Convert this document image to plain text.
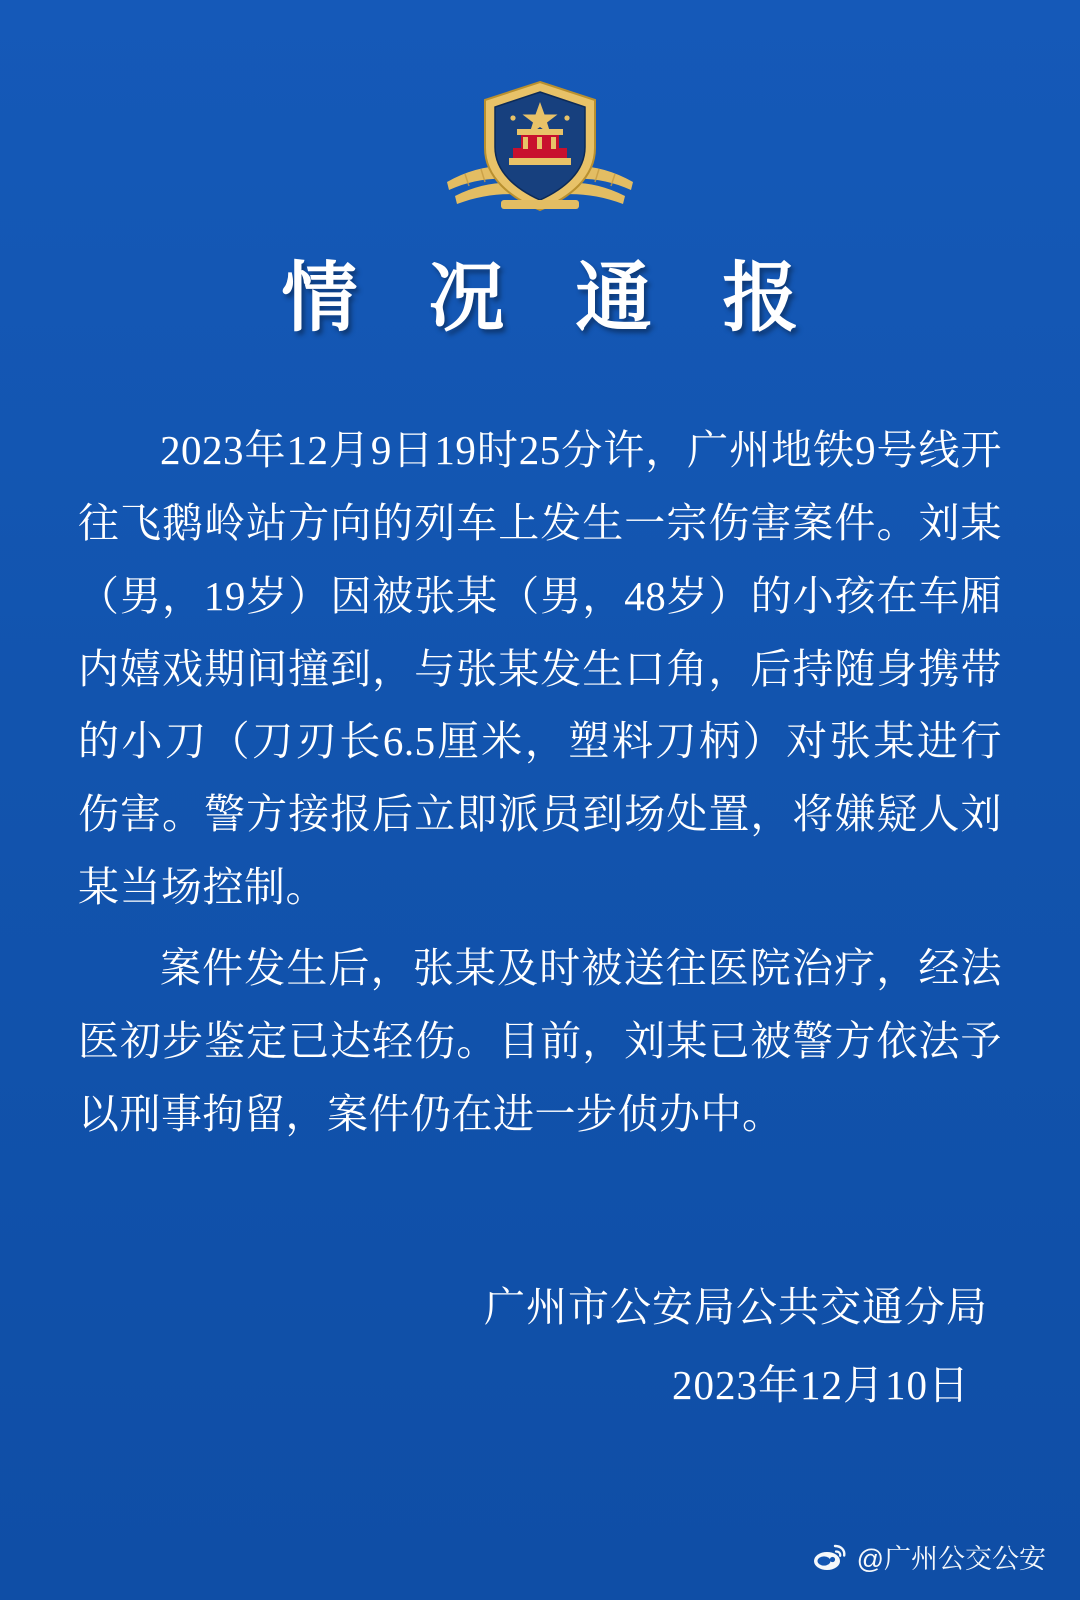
情 况 通 报

2023年12月9日19时25分许，广州地铁9号线开往飞鹅岭站方向的列车上发生一宗伤害案件。刘某（男，19岁）因被张某（男，48岁）的小孩在车厢内嬉戏期间撞到，与张某发生口角，后持随身携带的小刀（刀刃长6.5厘米，塑料刀柄）对张某进行伤害。警方接报后立即派员到场处置，将嫌疑人刘某当场控制。

案件发生后，张某及时被送往医院治疗，经法医初步鉴定已达轻伤。目前，刘某已被警方依法予以刑事拘留，案件仍在进一步侦办中。

广州市公安局公共交通分局
2023年12月10日
@广州公交公安
